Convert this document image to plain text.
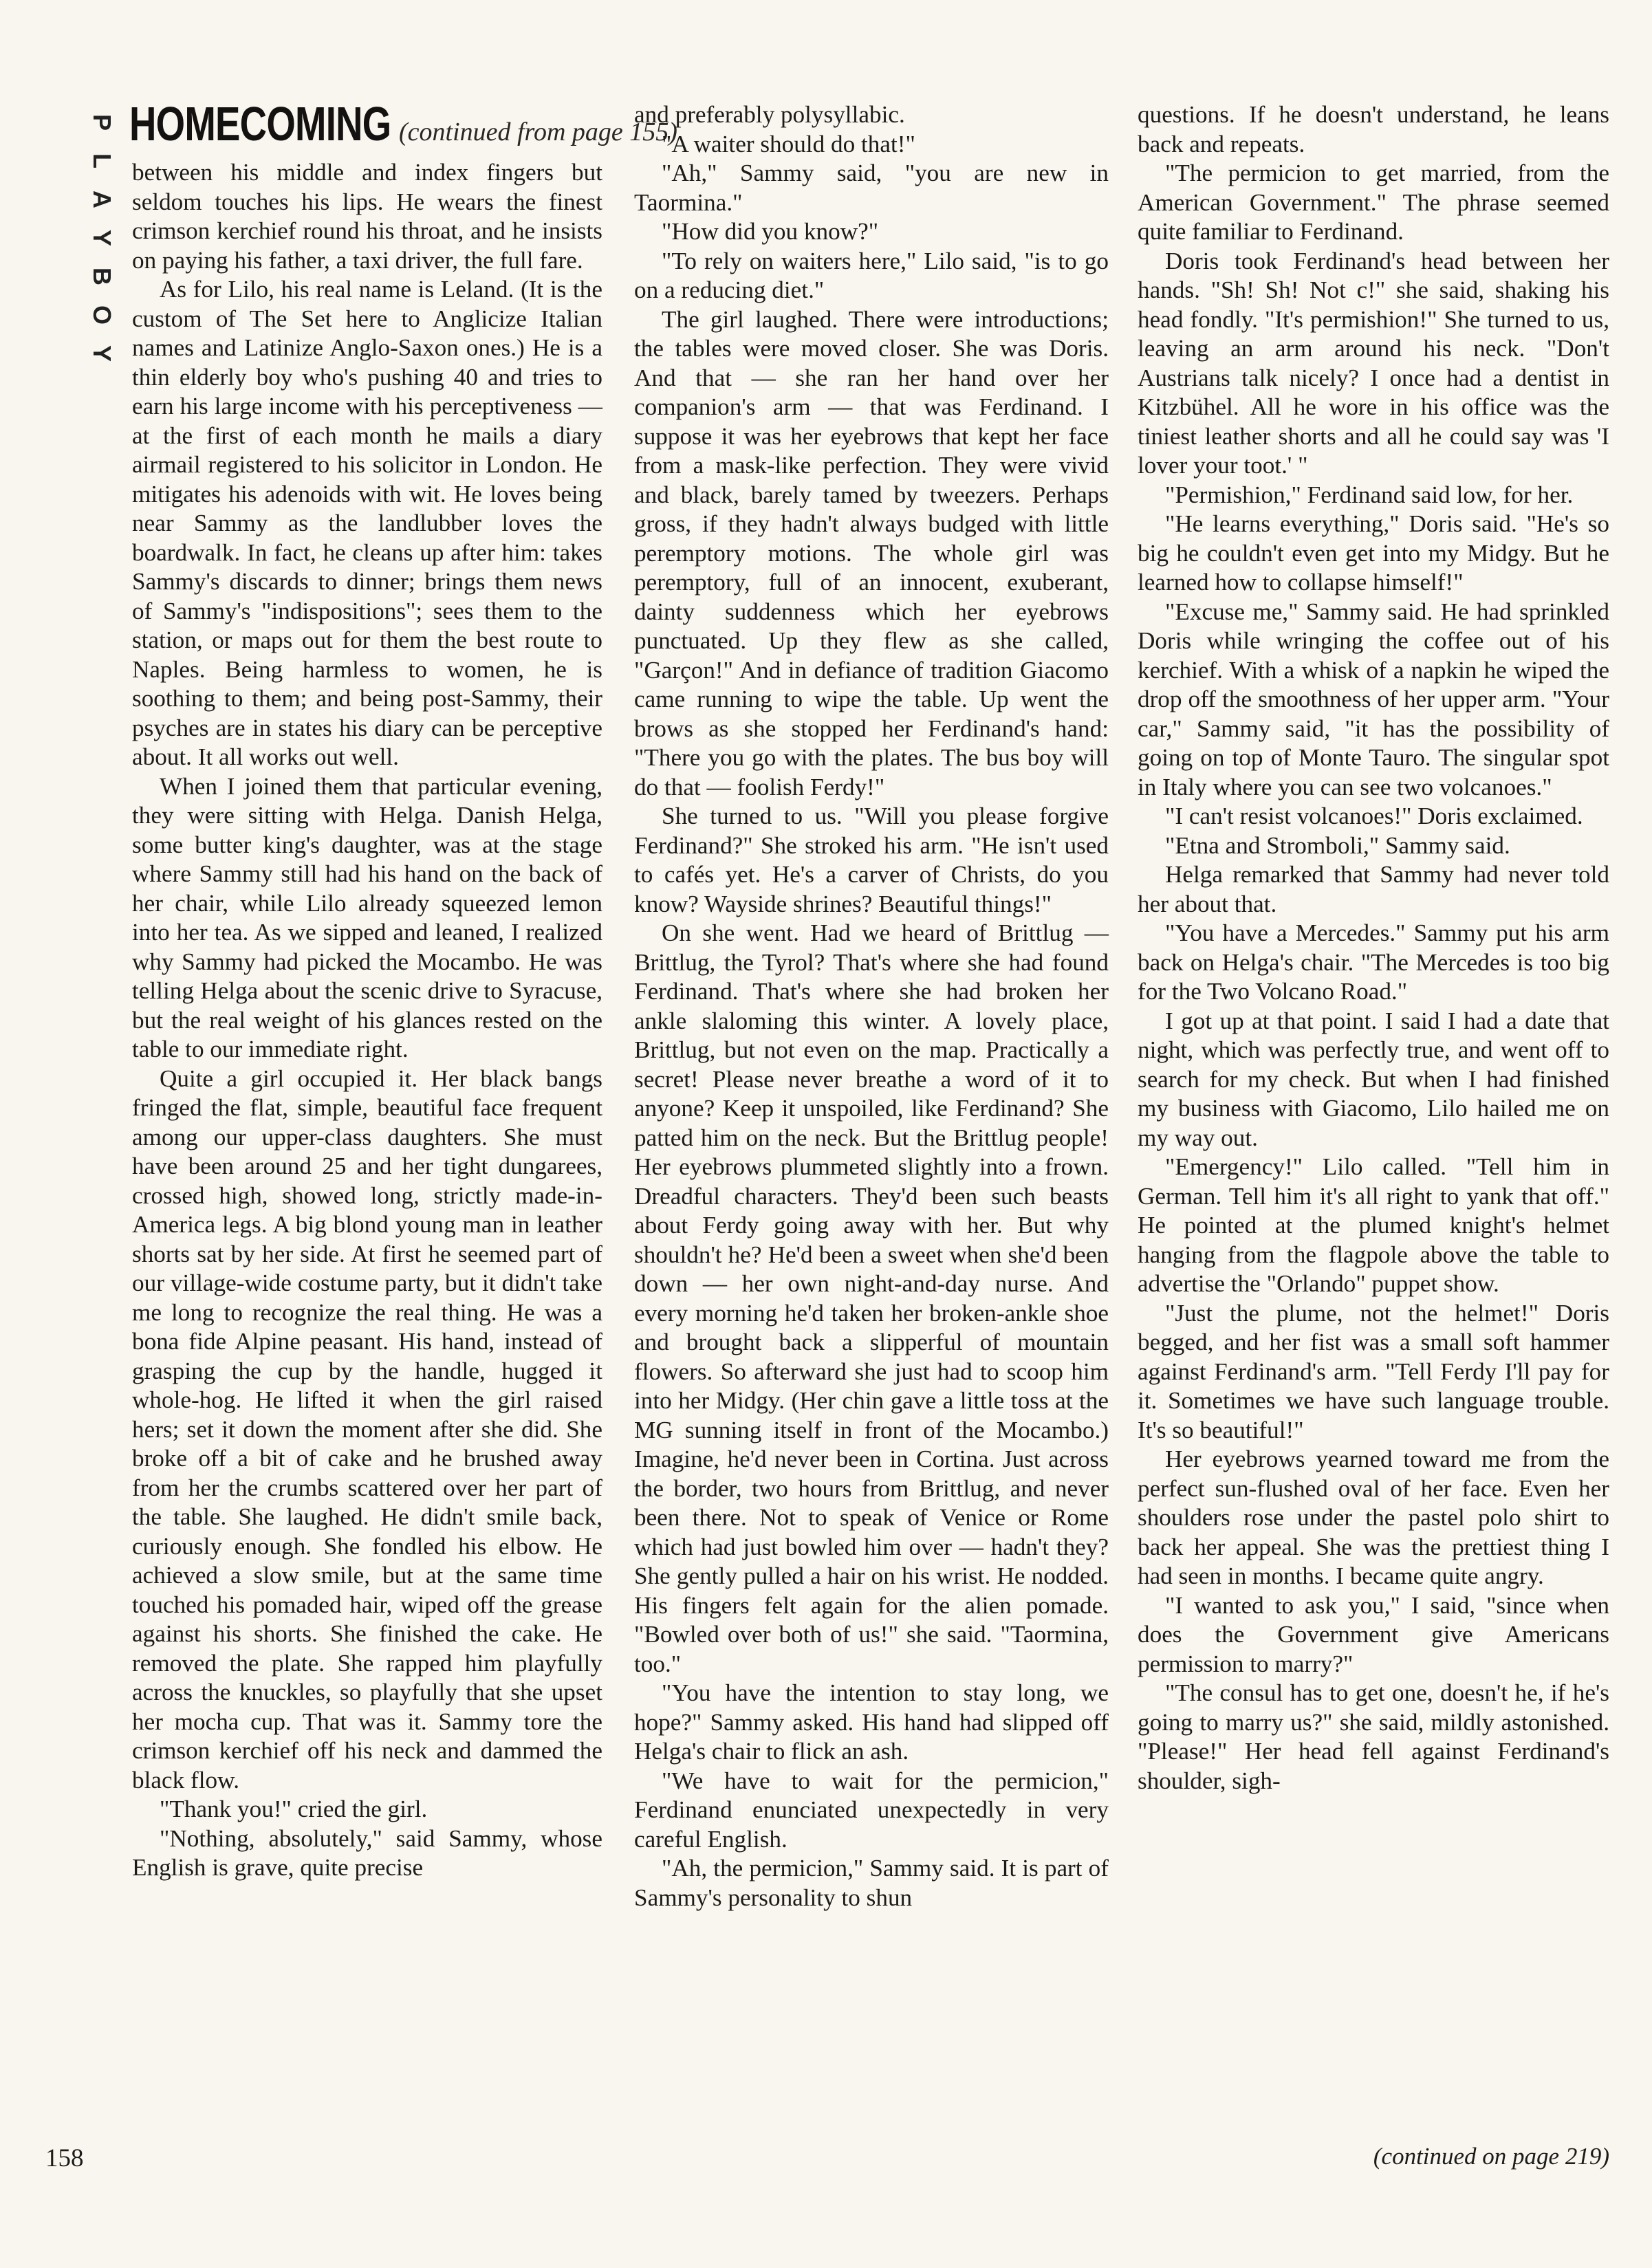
P
L
A
Y
B
O
Y
HOMECOMING (continued from page 155)

between his middle and index fingers but seldom touches his lips. He wears the finest crimson kerchief round his throat, and he insists on paying his father, a taxi driver, the full fare.

As for Lilo, his real name is Leland. (It is the custom of The Set here to Anglicize Italian names and Latinize Anglo-Saxon ones.) He is a thin elderly boy who's pushing 40 and tries to earn his large income with his perceptiveness — at the first of each month he mails a diary airmail registered to his solicitor in London. He mitigates his adenoids with wit. He loves being near Sammy as the landlubber loves the boardwalk. In fact, he cleans up after him: takes Sammy's discards to dinner; brings them news of Sammy's "indispositions"; sees them to the station, or maps out for them the best route to Naples. Being harmless to women, he is soothing to them; and being post-Sammy, their psyches are in states his diary can be perceptive about. It all works out well.

When I joined them that particular evening, they were sitting with Helga. Danish Helga, some butter king's daughter, was at the stage where Sammy still had his hand on the back of her chair, while Lilo already squeezed lemon into her tea. As we sipped and leaned, I realized why Sammy had picked the Mocambo. He was telling Helga about the scenic drive to Syracuse, but the real weight of his glances rested on the table to our immediate right.

Quite a girl occupied it. Her black bangs fringed the flat, simple, beautiful face frequent among our upper-class daughters. She must have been around 25 and her tight dungarees, crossed high, showed long, strictly made-in-America legs. A big blond young man in leather shorts sat by her side. At first he seemed part of our village-wide costume party, but it didn't take me long to recognize the real thing. He was a bona fide Alpine peasant. His hand, instead of grasping the cup by the handle, hugged it whole-hog. He lifted it when the girl raised hers; set it down the moment after she did. She broke off a bit of cake and he brushed away from her the crumbs scattered over her part of the table. She laughed. He didn't smile back, curiously enough. She fondled his elbow. He achieved a slow smile, but at the same time touched his pomaded hair, wiped off the grease against his shorts. She finished the cake. He removed the plate. She rapped him playfully across the knuckles, so playfully that she upset her mocha cup. That was it. Sammy tore the crimson kerchief off his neck and dammed the black flow.

"Thank you!" cried the girl.

"Nothing, absolutely," said Sammy, whose English is grave, quite precise

and preferably polysyllabic.

"A waiter should do that!"

"Ah," Sammy said, "you are new in Taormina."

"How did you know?"

"To rely on waiters here," Lilo said, "is to go on a reducing diet."

The girl laughed. There were introductions; the tables were moved closer. She was Doris. And that — she ran her hand over her companion's arm — that was Ferdinand. I suppose it was her eyebrows that kept her face from a mask-like perfection. They were vivid and black, barely tamed by tweezers. Perhaps gross, if they hadn't always budged with little peremptory motions. The whole girl was peremptory, full of an innocent, exuberant, dainty suddenness which her eyebrows punctuated. Up they flew as she called, "Garçon!" And in defiance of tradition Giacomo came running to wipe the table. Up went the brows as she stopped her Ferdinand's hand: "There you go with the plates. The bus boy will do that — foolish Ferdy!"

She turned to us. "Will you please forgive Ferdinand?" She stroked his arm. "He isn't used to cafés yet. He's a carver of Christs, do you know? Wayside shrines? Beautiful things!"

On she went. Had we heard of Brittlug — Brittlug, the Tyrol? That's where she had found Ferdinand. That's where she had broken her ankle slaloming this winter. A lovely place, Brittlug, but not even on the map. Practically a secret! Please never breathe a word of it to anyone? Keep it unspoiled, like Ferdinand? She patted him on the neck. But the Brittlug people! Her eyebrows plummeted slightly into a frown. Dreadful characters. They'd been such beasts about Ferdy going away with her. But why shouldn't he? He'd been a sweet when she'd been down — her own night-and-day nurse. And every morning he'd taken her broken-ankle shoe and brought back a slipperful of mountain flowers. So afterward she just had to scoop him into her Midgy. (Her chin gave a little toss at the MG sunning itself in front of the Mocambo.) Imagine, he'd never been in Cortina. Just across the border, two hours from Brittlug, and never been there. Not to speak of Venice or Rome which had just bowled him over — hadn't they? She gently pulled a hair on his wrist. He nodded. His fingers felt again for the alien pomade. "Bowled over both of us!" she said. "Taormina, too."

"You have the intention to stay long, we hope?" Sammy asked. His hand had slipped off Helga's chair to flick an ash.

"We have to wait for the permicion," Ferdinand enunciated unexpectedly in very careful English.

"Ah, the permicion," Sammy said. It is part of Sammy's personality to shun

questions. If he doesn't understand, he leans back and repeats.

"The permicion to get married, from the American Government." The phrase seemed quite familiar to Ferdinand.

Doris took Ferdinand's head between her hands. "Sh! Sh! Not c!" she said, shaking his head fondly. "It's permishion!" She turned to us, leaving an arm around his neck. "Don't Austrians talk nicely? I once had a dentist in Kitzbühel. All he wore in his office was the tiniest leather shorts and all he could say was 'I lover your toot.' "

"Permishion," Ferdinand said low, for her.

"He learns everything," Doris said. "He's so big he couldn't even get into my Midgy. But he learned how to collapse himself!"

"Excuse me," Sammy said. He had sprinkled Doris while wringing the coffee out of his kerchief. With a whisk of a napkin he wiped the drop off the smoothness of her upper arm. "Your car," Sammy said, "it has the possibility of going on top of Monte Tauro. The singular spot in Italy where you can see two volcanoes."

"I can't resist volcanoes!" Doris exclaimed.

"Etna and Stromboli," Sammy said.

Helga remarked that Sammy had never told her about that.

"You have a Mercedes." Sammy put his arm back on Helga's chair. "The Mercedes is too big for the Two Volcano Road."

I got up at that point. I said I had a date that night, which was perfectly true, and went off to search for my check. But when I had finished my business with Giacomo, Lilo hailed me on my way out.

"Emergency!" Lilo called. "Tell him in German. Tell him it's all right to yank that off." He pointed at the plumed knight's helmet hanging from the flagpole above the table to advertise the "Orlando" puppet show.

"Just the plume, not the helmet!" Doris begged, and her fist was a small soft hammer against Ferdinand's arm. "Tell Ferdy I'll pay for it. Sometimes we have such language trouble. It's so beautiful!"

Her eyebrows yearned toward me from the perfect sun-flushed oval of her face. Even her shoulders rose under the pastel polo shirt to back her appeal. She was the prettiest thing I had seen in months. I became quite angry.

"I wanted to ask you," I said, "since when does the Government give Americans permission to marry?"

"The consul has to get one, doesn't he, if he's going to marry us?" she said, mildly astonished. "Please!" Her head fell against Ferdinand's shoulder, sigh-

158	(continued on page 219)
